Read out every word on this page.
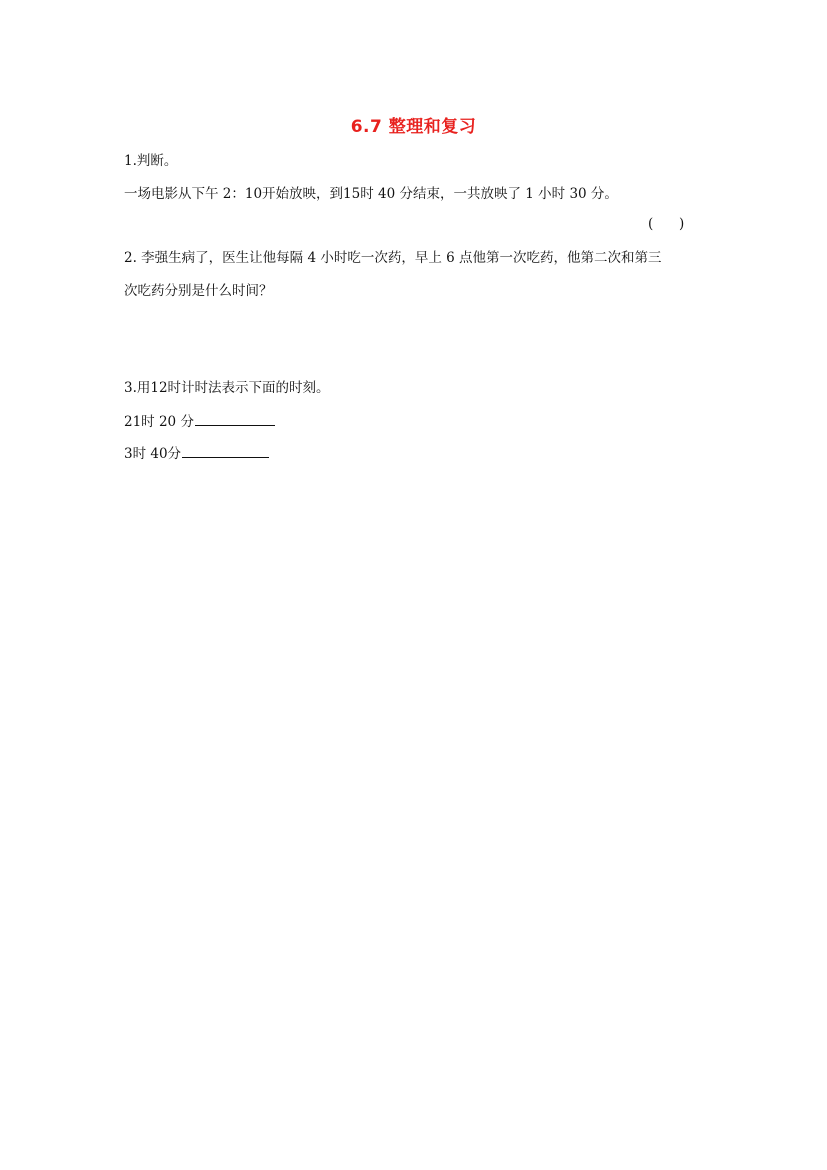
6.7 整理和复习
1.判断。
一场电影从下午 2：10开始放映，到15时 40 分结束，一共放映了 1 小时 30 分。
(      )
2. 李强生病了，医生让他每隔 4 小时吃一次药，早上 6 点他第一次吃药，他第二次和第三
次吃药分别是什么时间？
3.用12时计时法表示下面的时刻。
21时 20 分
3时 40分
